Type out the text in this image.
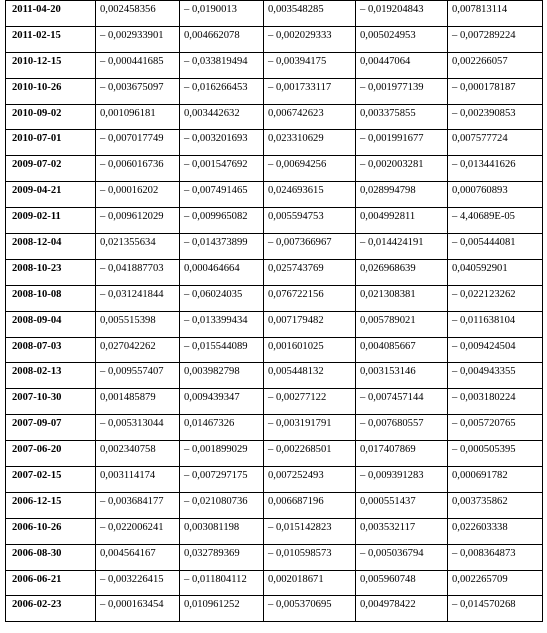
2011-04-20	0,002458356	– 0,0190013	0,003548285	– 0,019204843	0,007813114
2011-02-15	– 0,002933901	0,004662078	– 0,002029333	0,005024953	– 0,007289224
2010-12-15	– 0,000441685	– 0,033819494	– 0,00394175	0,00447064	0,002266057
2010-10-26	– 0,003675097	– 0,016266453	– 0,001733117	– 0,001977139	– 0,000178187
2010-09-02	0,001096181	0,003442632	0,006742623	0,003375855	– 0,002390853
2010-07-01	– 0,007017749	– 0,003201693	0,023310629	– 0,001991677	0,007577724
2009-07-02	– 0,006016736	– 0,001547692	– 0,00694256	– 0,002003281	– 0,013441626
2009-04-21	– 0,00016202	– 0,007491465	0,024693615	0,028994798	0,000760893
2009-02-11	– 0,009612029	– 0,009965082	0,005594753	0,004992811	– 4,40689E-05
2008-12-04	0,021355634	– 0,014373899	– 0,007366967	– 0,014424191	– 0,005444081
2008-10-23	– 0,041887703	0,000464664	0,025743769	0,026968639	0,040592901
2008-10-08	– 0,031241844	– 0,06024035	0,076722156	0,021308381	– 0,022123262
2008-09-04	0,005515398	– 0,013399434	0,007179482	0,005789021	– 0,011638104
2008-07-03	0,027042262	– 0,015544089	0,001601025	0,004085667	– 0,009424504
2008-02-13	– 0,009557407	0,003982798	0,005448132	0,003153146	– 0,004943355
2007-10-30	0,001485879	0,009439347	– 0,00277122	– 0,007457144	– 0,003180224
2007-09-07	– 0,005313044	0,01467326	– 0,003191791	– 0,007680557	– 0,005720765
2007-06-20	0,002340758	– 0,001899029	– 0,002268501	0,017407869	– 0,000505395
2007-02-15	0,003114174	– 0,007297175	0,007252493	– 0,009391283	0,000691782
2006-12-15	– 0,003684177	– 0,021080736	0,006687196	0,000551437	0,003735862
2006-10-26	– 0,022006241	0,003081198	– 0,015142823	0,003532117	0,022603338
2006-08-30	0,004564167	0,032789369	– 0,010598573	– 0,005036794	– 0,008364873
2006-06-21	– 0,003226415	– 0,011804112	0,002018671	0,005960748	0,002265709
2006-02-23	– 0,000163454	0,010961252	– 0,005370695	0,004978422	– 0,014570268
